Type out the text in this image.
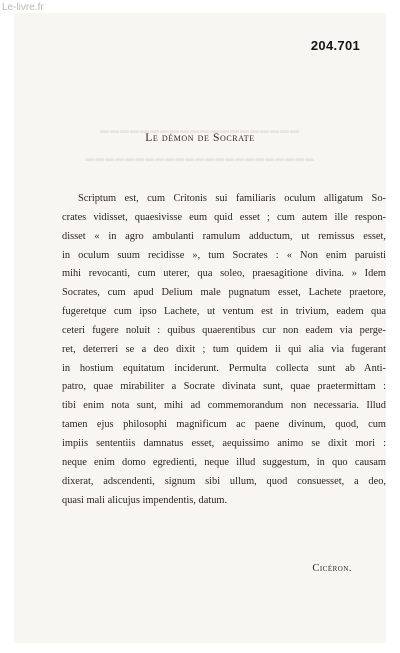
Le-livre.fr
▬▬▬▬▬▬▬▬▬▬▬▬▬▬▬▬▬▬▬▬
▬▬▬▬▬▬▬▬▬▬▬▬▬▬▬▬▬▬▬▬▬▬▬
204.701
Le démon de Socrate
Scriptum est, cum Critonis sui familiaris oculum alligatum So-
crates vidisset, quaesivisse eum quid esset ; cum autem ille respon-
disset « in agro ambulanti ramulum adductum, ut remissus esset,
in oculum suum recidisse », tum Socrates : « Non enim paruisti
mihi revocanti, cum uterer, qua soleo, praesagitione divina. » Idem
Socrates, cum apud Delium male pugnatum esset, Lachete praetore,
fugeretque cum ipso Lachete, ut ventum est in trivium, eadem qua
ceteri fugere noluit : quibus quaerentibus cur non eadem via perge-
ret, deterreri se a deo dixit ; tum quidem ii qui alia via fugerant
in hostium equitatum inciderunt. Permulta collecta sunt ab Anti-
patro, quae mirabiliter a Socrate divinata sunt, quae praetermittam :
tibi enim nota sunt, mihi ad commemorandum non necessaria. Illud
tamen ejus philosophi magnificum ac paene divinum, quod, cum
impiis sententiis damnatus esset, aequissimo animo se dixit mori :
neque enim domo egredienti, neque illud suggestum, in quo causam
dixerat, adscendenti, signum sibi ullum, quod consuesset, a deo,
quasi mali alicujus impendentis, datum.
Cicéron.
